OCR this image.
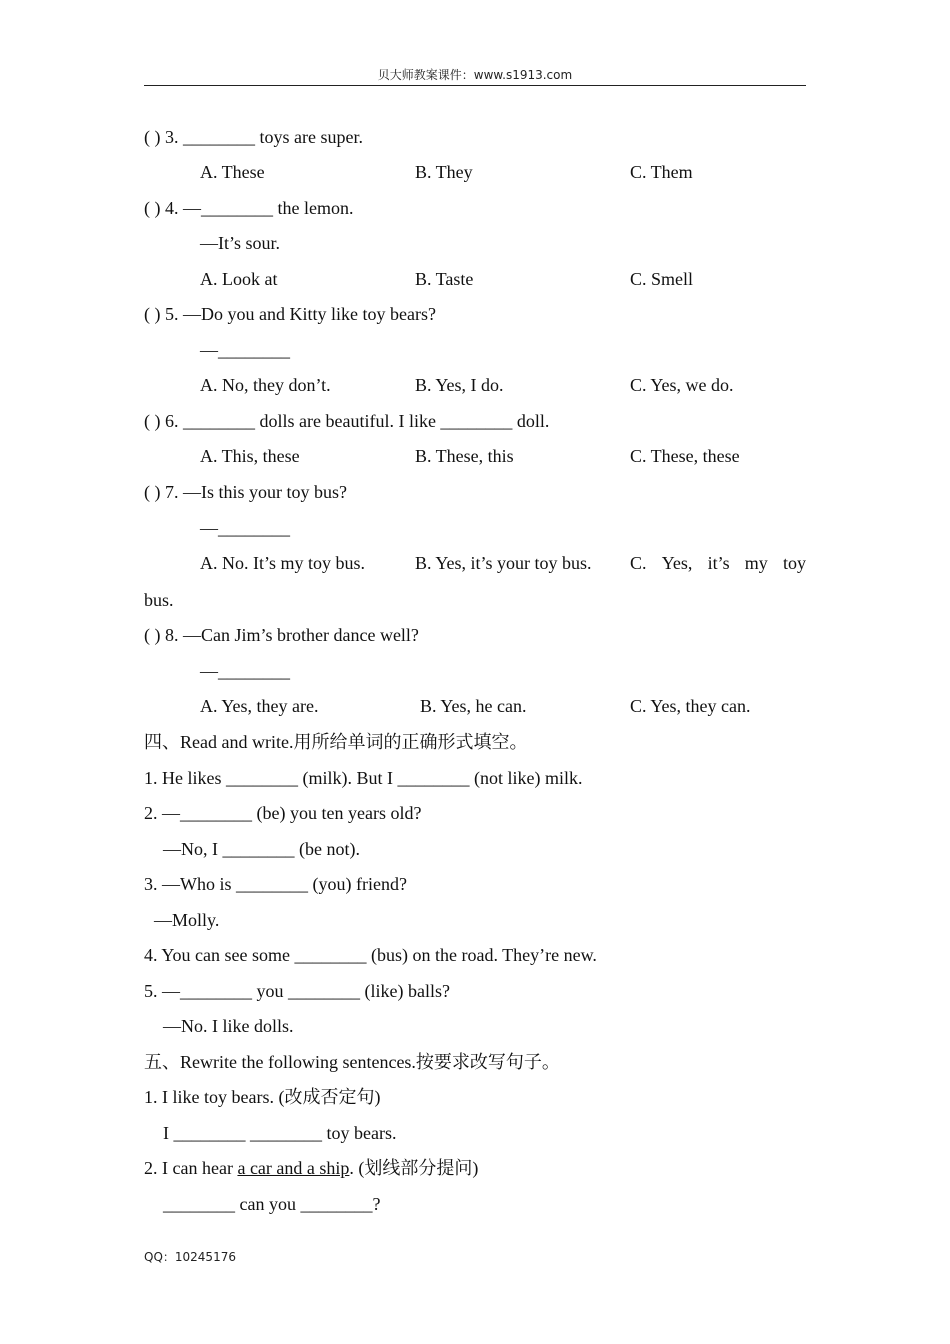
贝大师教案课件：www.s1913.com
( ) 3. ________ toys are super.
A. These	B. They	C. Them
( ) 4. —________ the lemon.
—It’s sour.
A. Look at	B. Taste	C. Smell
( ) 5. —Do you and Kitty like toy bears?
—________
A. No, they don’t.	B. Yes, I do.	C. Yes, we do.
( ) 6. ________ dolls are beautiful. I like ________ doll.
A. This, these	B. These, this	C. These, these
( ) 7. —Is this your toy bus?
—________
A. No. It’s my toy bus.	B. Yes, it’s your toy bus. C. Yes, it’s my toy
bus.
( ) 8. —Can Jim’s brother dance well?
—________
A. Yes, they are.	B. Yes, he can.	C. Yes, they can.
四、Read and write.用所给单词的正确形式填空。
1. He likes ________ (milk). But I ________ (not like) milk.
2. —________ (be) you ten years old?
—No, I ________ (be not).
3. —Who is ________ (you) friend?
—Molly.
4. You can see some ________ (bus) on the road. They’re new.
5. —________ you ________ (like) balls?
—No. I like dolls.
五、Rewrite the following sentences.按要求改写句子。
1. I like toy bears. (改成否定句)
I ________ ________ toy bears.
2. I can hear a car and a ship. (划线部分提问)
________ can you ________?
QQ：10245176
